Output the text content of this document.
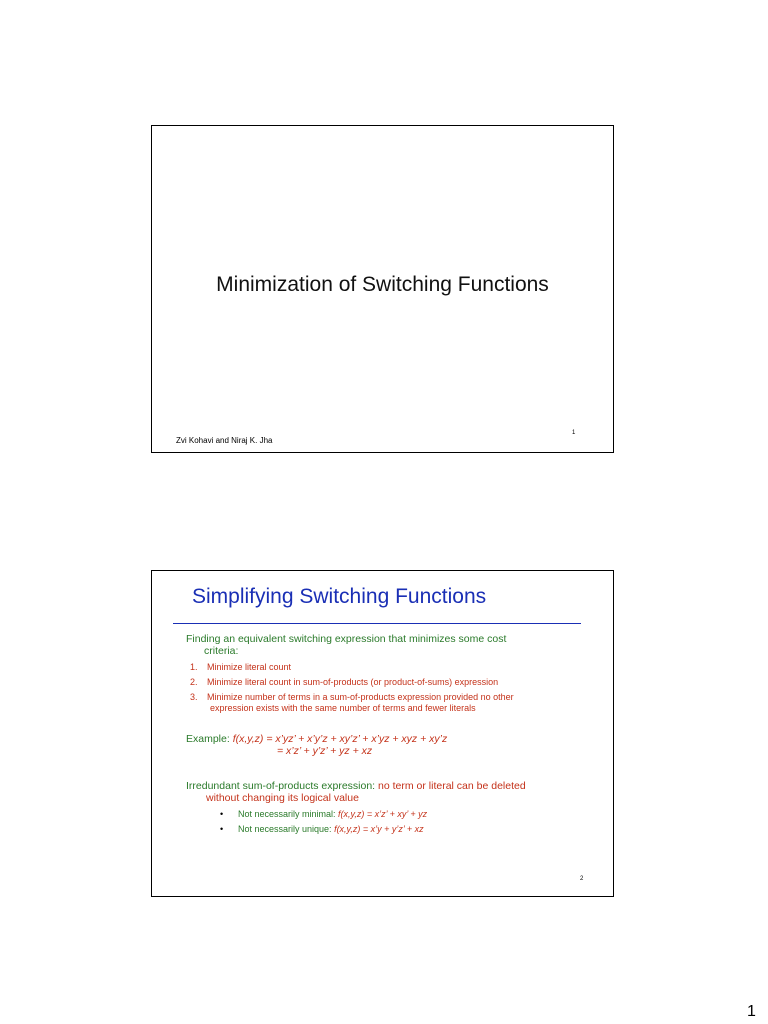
Minimization of Switching Functions
Zvi Kohavi and Niraj K. Jha
1
Simplifying Switching Functions
Finding an equivalent switching expression that minimizes some cost
criteria:
1. Minimize literal count
2. Minimize literal count in sum-of-products (or product-of-sums) expression
3. Minimize number of terms in a sum-of-products expression provided no other
expression exists with the same number of terms and fewer literals
Example: f(x,y,z) = x’yz’ + x’y’z + xy’z’ + x’yz + xyz + xy’z
= x’z’ + y’z’ + yz + xz
Irredundant sum-of-products expression: no term or literal can be deleted
without changing its logical value
• Not necessarily minimal: f(x,y,z) = x’z’ + xy’ + yz
• Not necessarily unique: f(x,y,z) = x’y + y’z’ + xz
2
1
